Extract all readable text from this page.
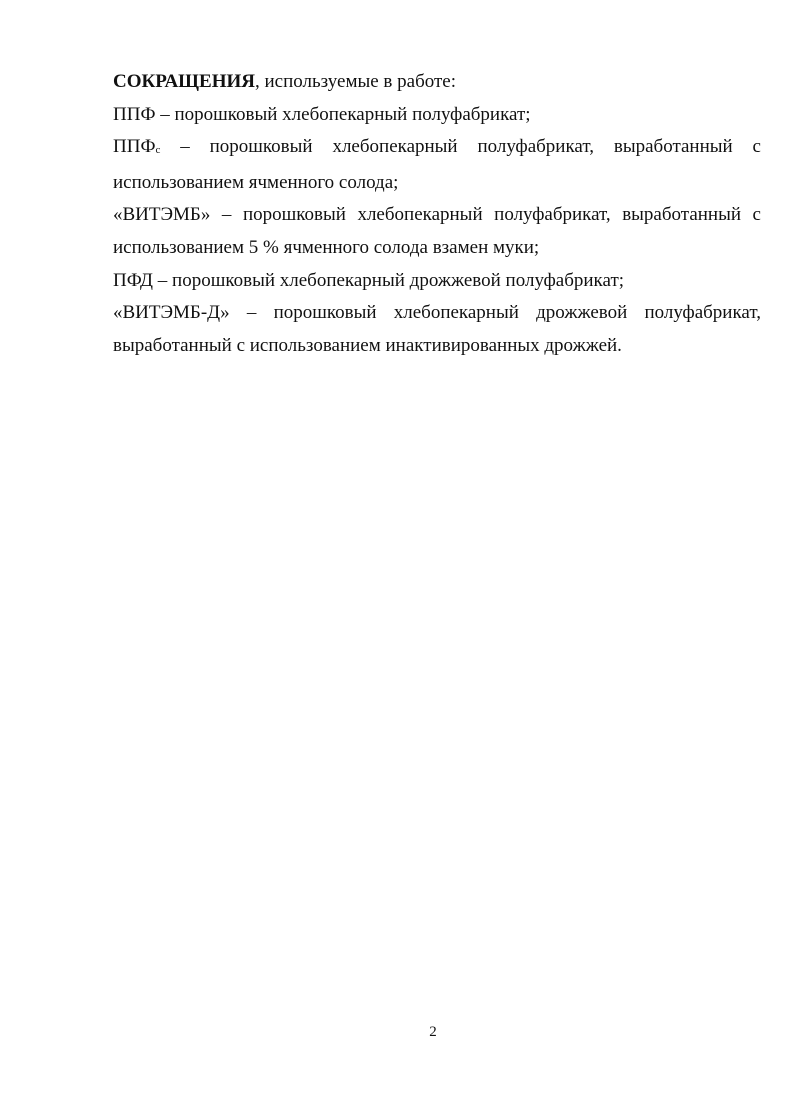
СОКРАЩЕНИЯ, используемые в работе:

ППФ – порошковый хлебопекарный полуфабрикат;

ППФс – порошковый хлебопекарный полуфабрикат, выработанный с использованием ячменного солода;

«ВИТЭМБ» – порошковый хлебопекарный полуфабрикат, выработанный с использованием 5 % ячменного солода взамен муки;

ПФД – порошковый хлебопекарный дрожжевой полуфабрикат;

«ВИТЭМБ-Д» – порошковый хлебопекарный дрожжевой полуфабрикат, выработанный с использованием инактивированных дрожжей.

2
